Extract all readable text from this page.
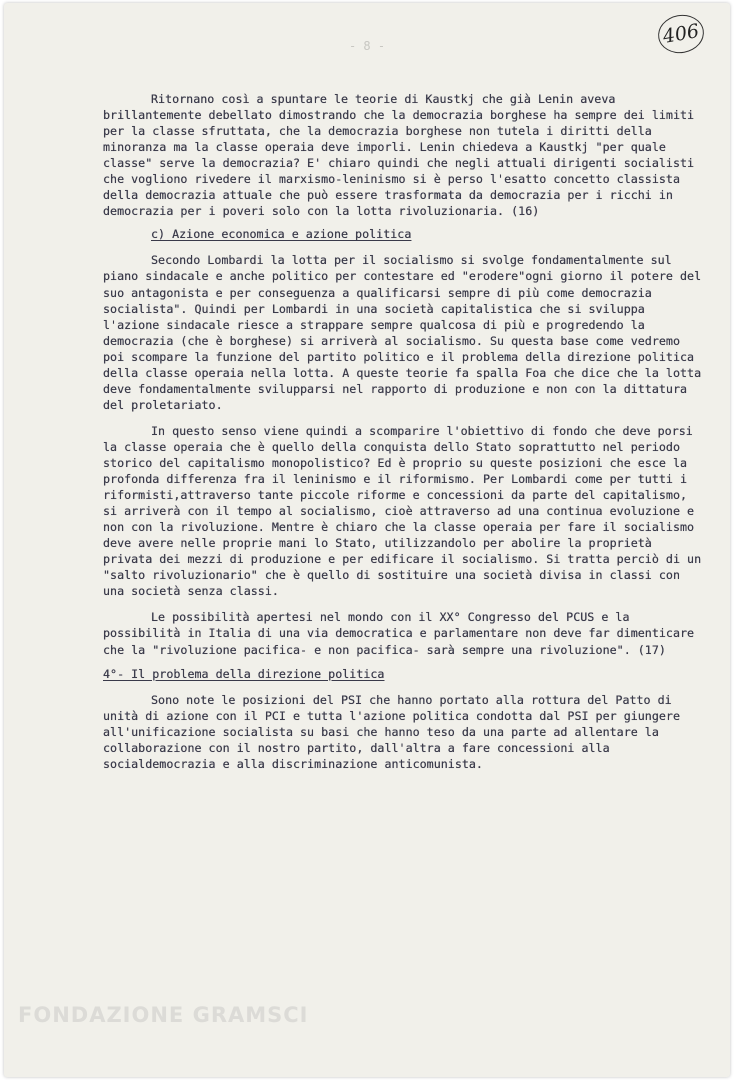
- 8 -	406

Ritornano così a spuntare le teorie di Kaustkj che già Lenin aveva brillantemente debellato dimostrando che la democrazia borghese ha sempre dei limiti per la classe sfruttata, che la democrazia borghese non tutela i diritti della minoranza ma la classe operaia deve imporli. Lenin chiedeva a Kaustkj "per quale classe" serve la democrazia? E' chiaro quindi che negli attuali dirigenti socialisti che vogliono rivedere il marxismo-leninismo si è perso l'esatto concetto classista della democrazia attuale che può essere trasformata da democrazia per i ricchi in democrazia per i poveri solo con la lotta rivoluzionaria. (16)

c) Azione economica e azione politica

Secondo Lombardi la lotta per il socialismo si svolge fondamentalmente sul piano sindacale e anche politico per contestare ed "erodere"ogni giorno il potere del suo antagonista e per conseguenza a qualificarsi sempre di più come democrazia socialista". Quindi per Lombardi in una società capitalistica che si sviluppa l'azione sindacale riesce a strappare sempre qualcosa di più e progredendo la democrazia (che è borghese) si arriverà al socialismo. Su questa base come vedremo poi scompare la funzione del partito politico e il problema della direzione politica della classe operaia nella lotta. A queste teorie fa spalla Foa che dice che la lotta deve fondamentalmente svilupparsi nel rapporto di produzione e non con la dittatura del proletariato.

In questo senso viene quindi a scomparire l'obiettivo di fondo che deve porsi la classe operaia che è quello della conquista dello Stato soprattutto nel periodo storico del capitalismo monopolistico? Ed è proprio su queste posizioni che esce la profonda differenza fra il leninismo e il riformismo. Per Lombardi come per tutti i riformisti,attraverso tante piccole riforme e concessioni da parte del capitalismo, si arriverà con il tempo al socialismo, cioè attraverso ad una continua evoluzione e non con la rivoluzione. Mentre è chiaro che la classe operaia per fare il socialismo deve avere nelle proprie mani lo Stato, utilizzandolo per abolire la proprietà privata dei mezzi di produzione e per edificare il socialismo. Si tratta perciò di un "salto rivoluzionario" che è quello di sostituire una società divisa in classi con una società senza classi.

Le possibilità apertesi nel mondo con il XX° Congresso del PCUS e la possibilità in Italia di una via democratica e parlamentare non deve far dimenticare che la "rivoluzione pacifica- e non pacifica- sarà sempre una rivoluzione". (17)

4°- Il problema della direzione politica

Sono note le posizioni del PSI che hanno portato alla rottura del Patto di unità di azione con il PCI e tutta l'azione politica condotta dal PSI per giungere all'unificazione socialista su basi che hanno teso da una parte ad allentare la collaborazione con il nostro partito, dall'altra a fare concessioni alla socialdemocrazia e alla discriminazione anticomunista.

FONDAZIONE GRAMSCI
